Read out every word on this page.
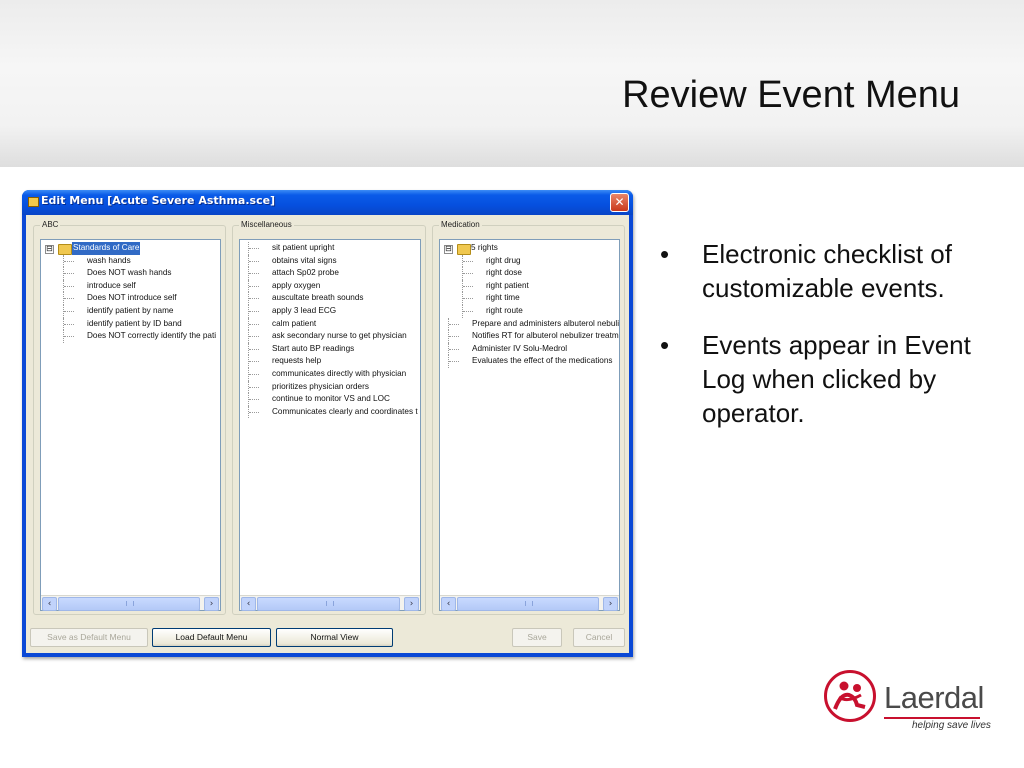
Review Event Menu
Edit Menu [Acute Severe Asthma.sce]	✕
ABC
⊟ Standards of Care
wash hands
Does NOT wash hands
introduce self
Does NOT introduce self
identify patient by name
identify patient by ID band
Does NOT correctly identify the pati
‹	›
Miscellaneous
sit patient upright
obtains vital signs
attach Sp02 probe
apply oxygen
auscultate breath sounds
apply 3 lead ECG
calm patient
ask secondary nurse to get physician
Start auto BP readings
requests help
communicates directly with physician
prioritizes physician orders
continue to monitor VS and LOC
Communicates clearly and coordinates t
‹	›
Medication
⊟ 5 rights
right drug
right dose
right patient
right time
right route
Prepare and administers albuterol nebuli
Notifies RT for albuterol nebulizer treatm
Administer IV Solu-Medrol
Evaluates the effect of the medications
‹	›
Save as Default Menu	Load Default Menu	Normal View	Save	Cancel
• Electronic checklist of customizable events.
• Events appear in Event Log when clicked by operator.
Laerdal
helping save lives
